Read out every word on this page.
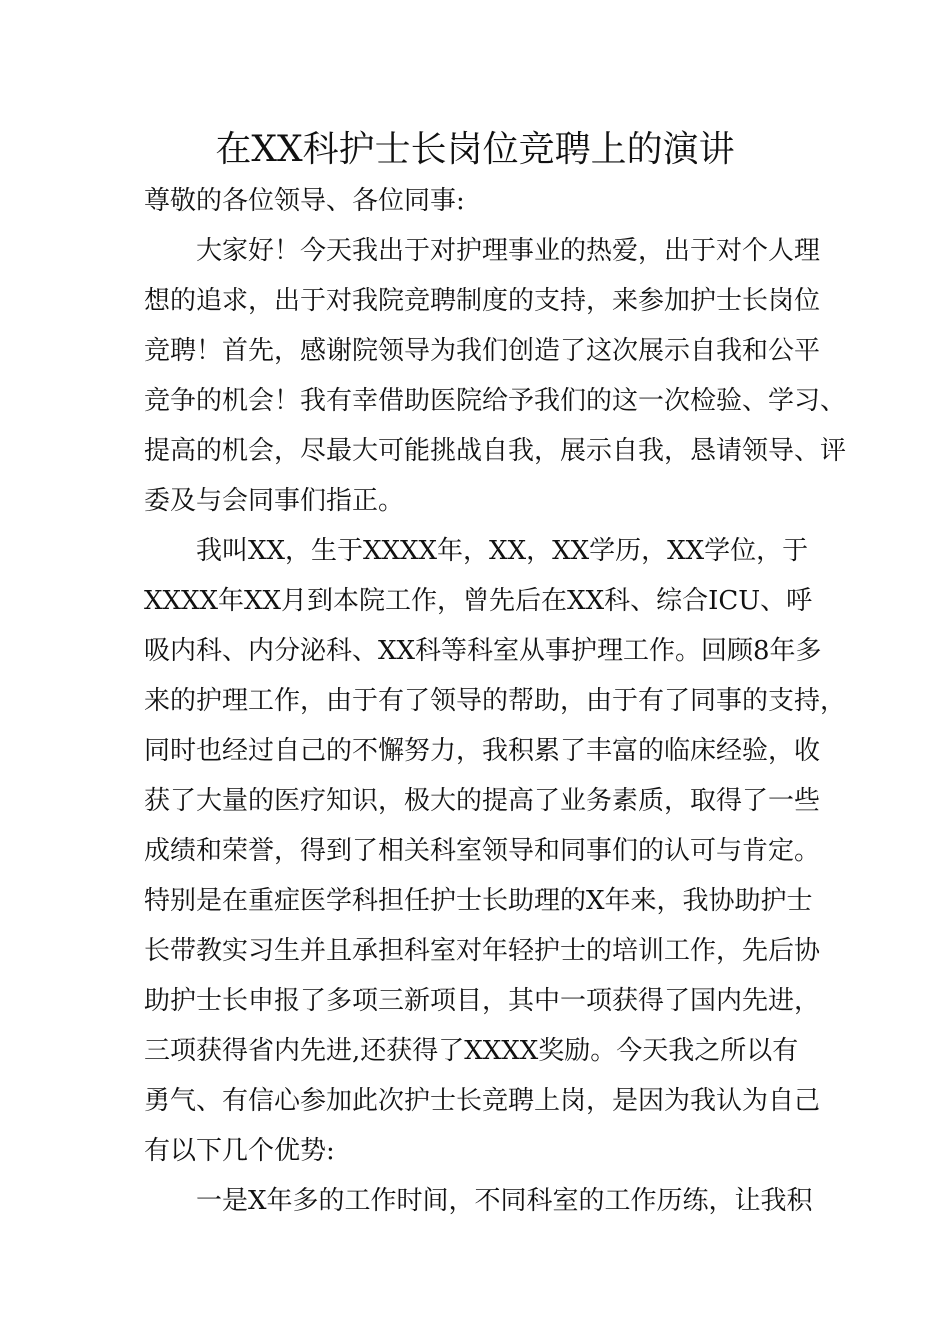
在XX科护士长岗位竞聘上的演讲
尊敬的各位领导、各位同事:
大家好！今天我出于对护理事业的热爱，出于对个人理
想的追求，出于对我院竞聘制度的支持，来参加护士长岗位
竞聘！首先，感谢院领导为我们创造了这次展示自我和公平
竞争的机会！我有幸借助医院给予我们的这一次检验、学习、
提高的机会，尽最大可能挑战自我，展示自我，恳请领导、评
委及与会同事们指正。
我叫XX，生于XXXX年，XX，XX学历，XX学位，于
XXXX年XX月到本院工作，曾先后在XX科、综合ICU、呼
吸内科、内分泌科、XX科等科室从事护理工作。回顾8年多
来的护理工作，由于有了领导的帮助，由于有了同事的支持，
同时也经过自己的不懈努力，我积累了丰富的临床经验，收
获了大量的医疗知识，极大的提高了业务素质，取得了一些
成绩和荣誉，得到了相关科室领导和同事们的认可与肯定。
特别是在重症医学科担任护士长助理的X年来，我协助护士
长带教实习生并且承担科室对年轻护士的培训工作，先后协
助护士长申报了多项三新项目，其中一项获得了国内先进，
三项获得省内先进,还获得了XXXX奖励。今天我之所以有
勇气、有信心参加此次护士长竞聘上岗，是因为我认为自己
有以下几个优势:
一是X年多的工作时间，不同科室的工作历练，让我积
